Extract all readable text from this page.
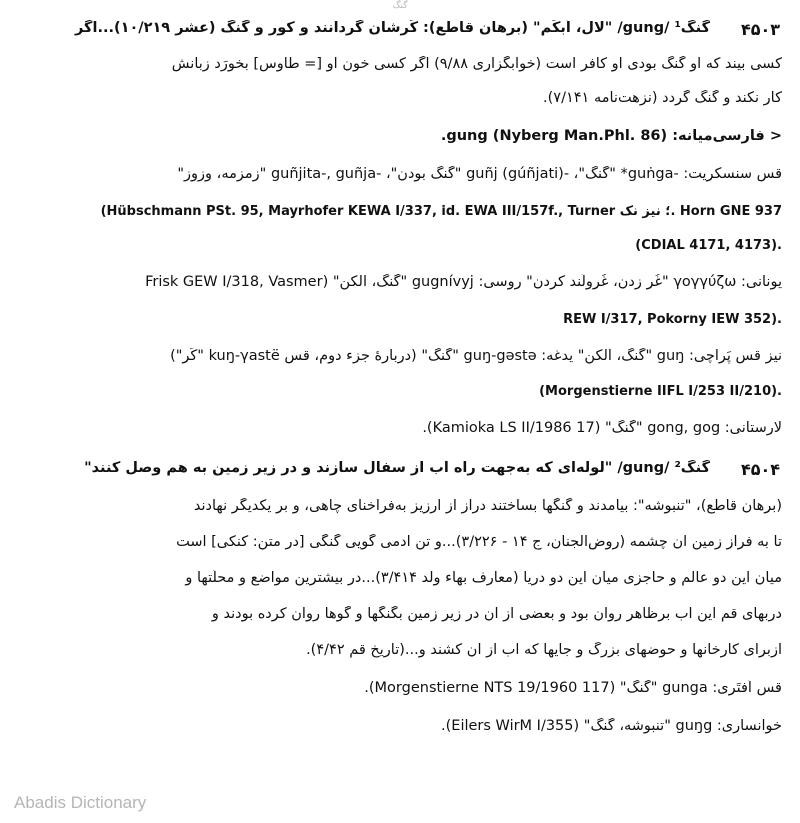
گنگ
۴۵۰۳
گُنگ¹ /gung/ "لال، اَبکَم" (برهان قاطع): کَرِشان گردانند و کور و گنگ (عشر ۱۰/۲۱۹)...اگر
کسی بیند که او گنگ بودی او کافر است (خوابگزاری ۹/۸۸) اگر کسی خون او [= طاوس] بخورَد زبانش
کار نکند و گنگ گردد (نزهت‌نامه ۷/۱۴۱).
< فارسی‌میانه: gung (Nyberg Man.Phl. 86).
قس سنسکریت: -guṅga* "گُنگ"، -guñj (gúñjati) "گنگ بودن"، -guñjita-, guñja "زمزمه، وِزوِز"
(Hübschmann PSt. 95, Mayrhofer KEWA I/337, id. EWA III/157f., Turner ؛ نیز نک. Horn GNE 937
(CDIAL 4171, 4173).
یونانی: γογγύζω "غُر زدن، غُرولُند کردن" روسی: gugnívyj "گُنگ، الکن" (Frisk GEW I/318, Vasmer
REW I/317, Pokorny IEW 352).
نیز قس پَراچی: guŋ "گُنگ، الکن" یدغه: guŋ-gəstə "گُنگ" (دربارهٔ جزء دوم، قس kuŋ-γastë "کَر")
(Morgenstierne IIFL I/253 II/210).
لارستانی: gong, gog "گُنگ" (Kamioka LS II/1986 17).
۴۵۰۴
گُنگ² /gung/ "لوله‌ای که به‌جهت راه آب از سفال سازند و در زیر زمین به هم وصل کنند"
(برهان قاطع)، "تنبوشه": بیامدند و گنگها بساختند دراز از ارزیز به‌فراخنای چاهی، و بر یکدیگر نهادند
تا به فراز زمین آن چشمه (روض‌الجنان، ج ۱۴ - ۳/۲۲۶)...و تن آدمی گویی گنگی [در متن: کنکی] است
میان این دو عالم و حاجزی میان این دو دریا (معارف بهاء ولد ۳/۴۱۴)...در بیشترین مواضع و محلّتها و
دربهای قم این آب برظاهر روان بود و بعضی از آن در زیر زمین بگنگها و گوها روان کرده بودند و
ازبرای کارخانها و حوضهای بزرگ و جایها که آب از آن کشند و...(تاریخ قم ۴/۴۲).
قس اَفتَری: gunga "گُنگ" (Morgenstierne NTS 19/1960 117).
خوانساری: guŋg "تنبوشه، گُنگ" (Eilers WirM I/355).
Abadis Dictionary
